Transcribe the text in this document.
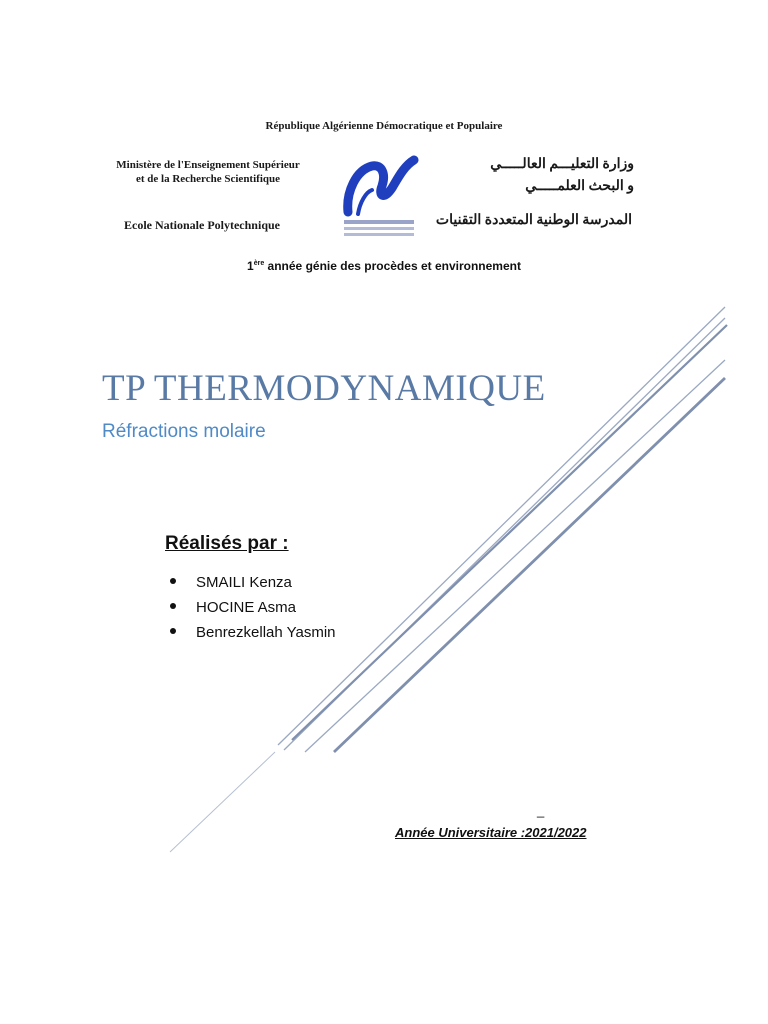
République Algérienne Démocratique et Populaire
Ministère de l'Enseignement Supérieur
et de la Recherche Scientifique
Ecole Nationale Polytechnique
وزارة التعليـــم العالـــــي
و البحث العلمـــــي
المدرسة الوطنية المتعددة التقنيات
1ère année génie des procèdes et environnement
TP THERMODYNAMIQUE
Réfractions molaire
Réalisés par :
SMAILI Kenza
HOCINE Asma
Benrezkellah Yasmin
_
Année Universitaire :2021/2022
